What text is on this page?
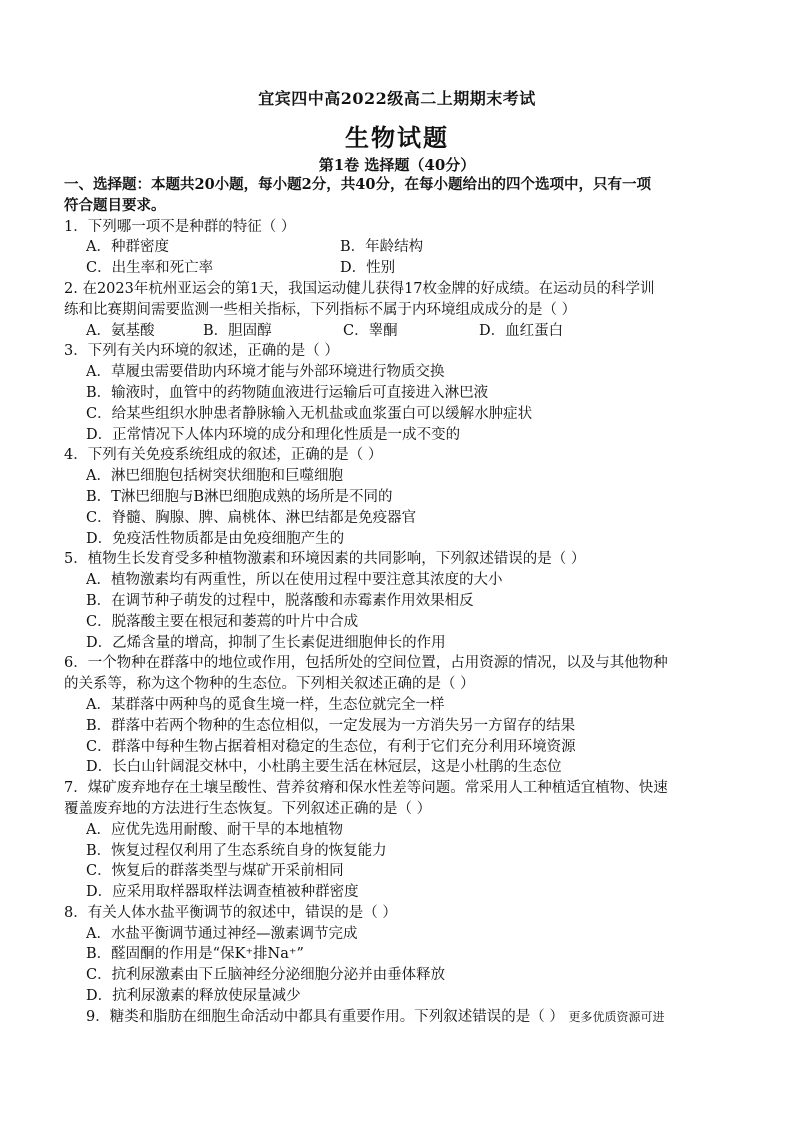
宜宾四中高2022级高二上期期末考试
生物试题
第1卷 选择题（40分）

一、选择题：本题共20小题，每小题2分，共40分，在每小题给出的四个选项中，只有一项

符合题目要求。

1．下列哪一项不是种群的特征（ ）

A．种群密度	B．年龄结构
C．出生率和死亡率	D．性别

2. 在2023年杭州亚运会的第1天，我国运动健儿获得17枚金牌的好成绩。在运动员的科学训

练和比赛期间需要监测一些相关指标，下列指标不属于内环境组成成分的是（ ）

A．氨基酸	B．胆固醇	C．睾酮	D．血红蛋白

3．下列有关内环境的叙述，正确的是（ ）

A．草履虫需要借助内环境才能与外部环境进行物质交换

B．输液时，血管中的药物随血液进行运输后可直接进入淋巴液

C．给某些组织水肿患者静脉输入无机盐或血浆蛋白可以缓解水肿症状

D．正常情况下人体内环境的成分和理化性质是一成不变的

4．下列有关免疫系统组成的叙述，正确的是（ ）

A．淋巴细胞包括树突状细胞和巨噬细胞

B．T淋巴细胞与B淋巴细胞成熟的场所是不同的

C．脊髓、胸腺、脾、扁桃体、淋巴结都是免疫器官

D．免疫活性物质都是由免疫细胞产生的

5．植物生长发育受多种植物激素和环境因素的共同影响，下列叙述错误的是（ ）

A．植物激素均有两重性，所以在使用过程中要注意其浓度的大小

B．在调节种子萌发的过程中，脱落酸和赤霉素作用效果相反

C．脱落酸主要在根冠和萎蔫的叶片中合成

D．乙烯含量的增高，抑制了生长素促进细胞伸长的作用

6．一个物种在群落中的地位或作用，包括所处的空间位置，占用资源的情况，以及与其他物种

的关系等，称为这个物种的生态位。下列相关叙述正确的是（ ）

A．某群落中两种鸟的觅食生境一样，生态位就完全一样

B．群落中若两个物种的生态位相似，一定发展为一方消失另一方留存的结果

C．群落中每种生物占据着相对稳定的生态位，有利于它们充分利用环境资源

D．长白山针阔混交林中，小杜鹃主要生活在林冠层，这是小杜鹃的生态位

7．煤矿废弃地存在土壤呈酸性、营养贫瘠和保水性差等问题。常采用人工种植适宜植物、快速

覆盖废弃地的方法进行生态恢复。下列叙述正确的是（ ）

A．应优先选用耐酸、耐干旱的本地植物

B．恢复过程仅利用了生态系统自身的恢复能力

C．恢复后的群落类型与煤矿开采前相同

D．应采用取样器取样法调查植被种群密度

8．有关人体水盐平衡调节的叙述中，错误的是（ ）

A．水盐平衡调节通过神经—激素调节完成

B．醛固酮的作用是“保K⁺排Na⁺”

C．抗利尿激素由下丘脑神经分泌细胞分泌并由垂体释放

D．抗利尿激素的释放使尿量减少

9．糖类和脂肪在细胞生命活动中都具有重要作用。下列叙述错误的是（ ） 更多优质资源可进
